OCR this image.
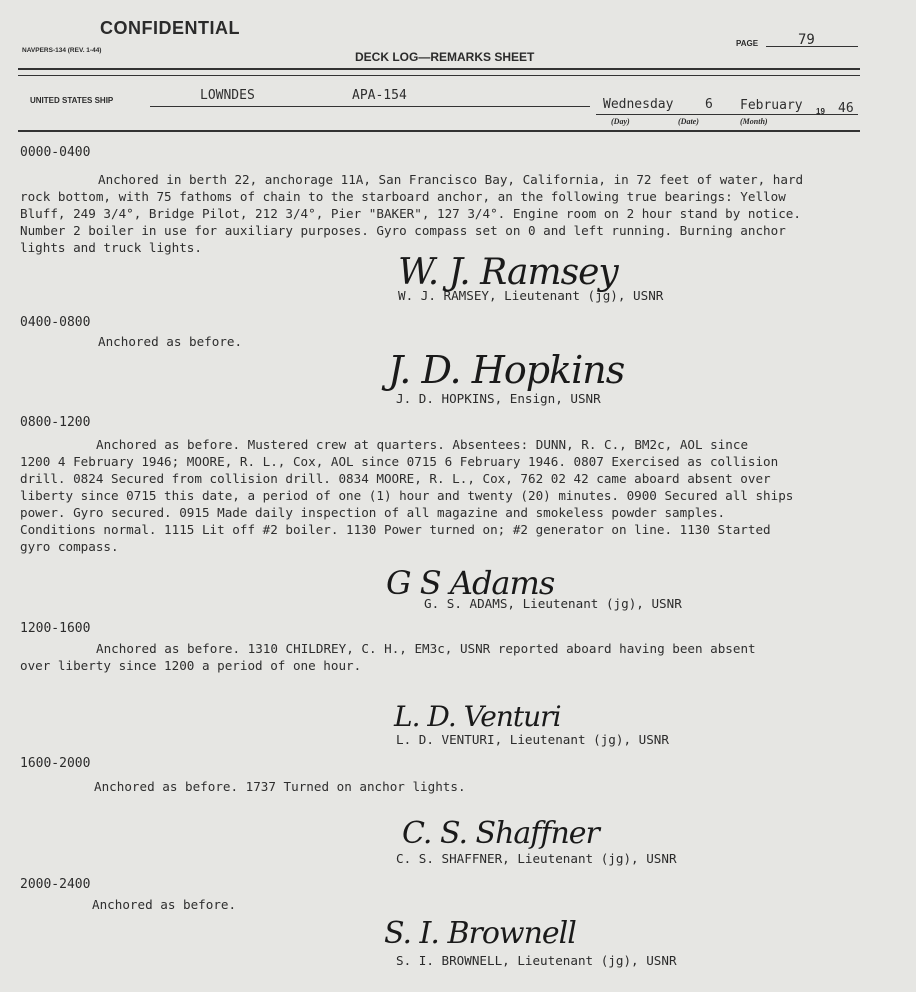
CONFIDENTIAL
NAVPERS-134 (REV. 1-44)	DECK LOG—REMARKS SHEET
PAGE	79
UNITED STATES SHIP	LOWNDES	APA-154
Wednesday 6 February 19 46
(Day)	(Date)	(Month)
0000-0400
Anchored in berth 22, anchorage 11A, San Francisco Bay, California, in 72 feet of water, hard
rock bottom, with 75 fathoms of chain to the starboard anchor, an the following true bearings: Yellow
Bluff, 249 3/4°, Bridge Pilot, 212 3/4°, Pier "BAKER", 127 3/4°. Engine room on 2 hour stand by notice.
Number 2 boiler in use for auxiliary purposes. Gyro compass set on 0 and left running. Burning anchor
lights and truck lights.
W. J. Ramsey
W. J. RAMSEY, Lieutenant (jg), USNR
0400-0800
Anchored as before.
J. D. Hopkins
J. D. HOPKINS, Ensign, USNR
0800-1200
Anchored as before. Mustered crew at quarters. Absentees: DUNN, R. C., BM2c, AOL since
1200 4 February 1946; MOORE, R. L., Cox, AOL since 0715 6 February 1946. 0807 Exercised as collision
drill. 0824 Secured from collision drill. 0834 MOORE, R. L., Cox, 762 02 42 came aboard absent over
liberty since 0715 this date, a period of one (1) hour and twenty (20) minutes. 0900 Secured all ships
power. Gyro secured. 0915 Made daily inspection of all magazine and smokeless powder samples.
Conditions normal. 1115 Lit off #2 boiler. 1130 Power turned on; #2 generator on line. 1130 Started
gyro compass.
G S Adams
G. S. ADAMS, Lieutenant (jg), USNR
1200-1600
Anchored as before. 1310 CHILDREY, C. H., EM3c, USNR reported aboard having been absent
over liberty since 1200 a period of one hour.
L. D. Venturi
L. D. VENTURI, Lieutenant (jg), USNR
1600-2000
Anchored as before. 1737 Turned on anchor lights.
C. S. Shaffner
C. S. SHAFFNER, Lieutenant (jg), USNR
2000-2400
Anchored as before.
S. I. Brownell
S. I. BROWNELL, Lieutenant (jg), USNR
